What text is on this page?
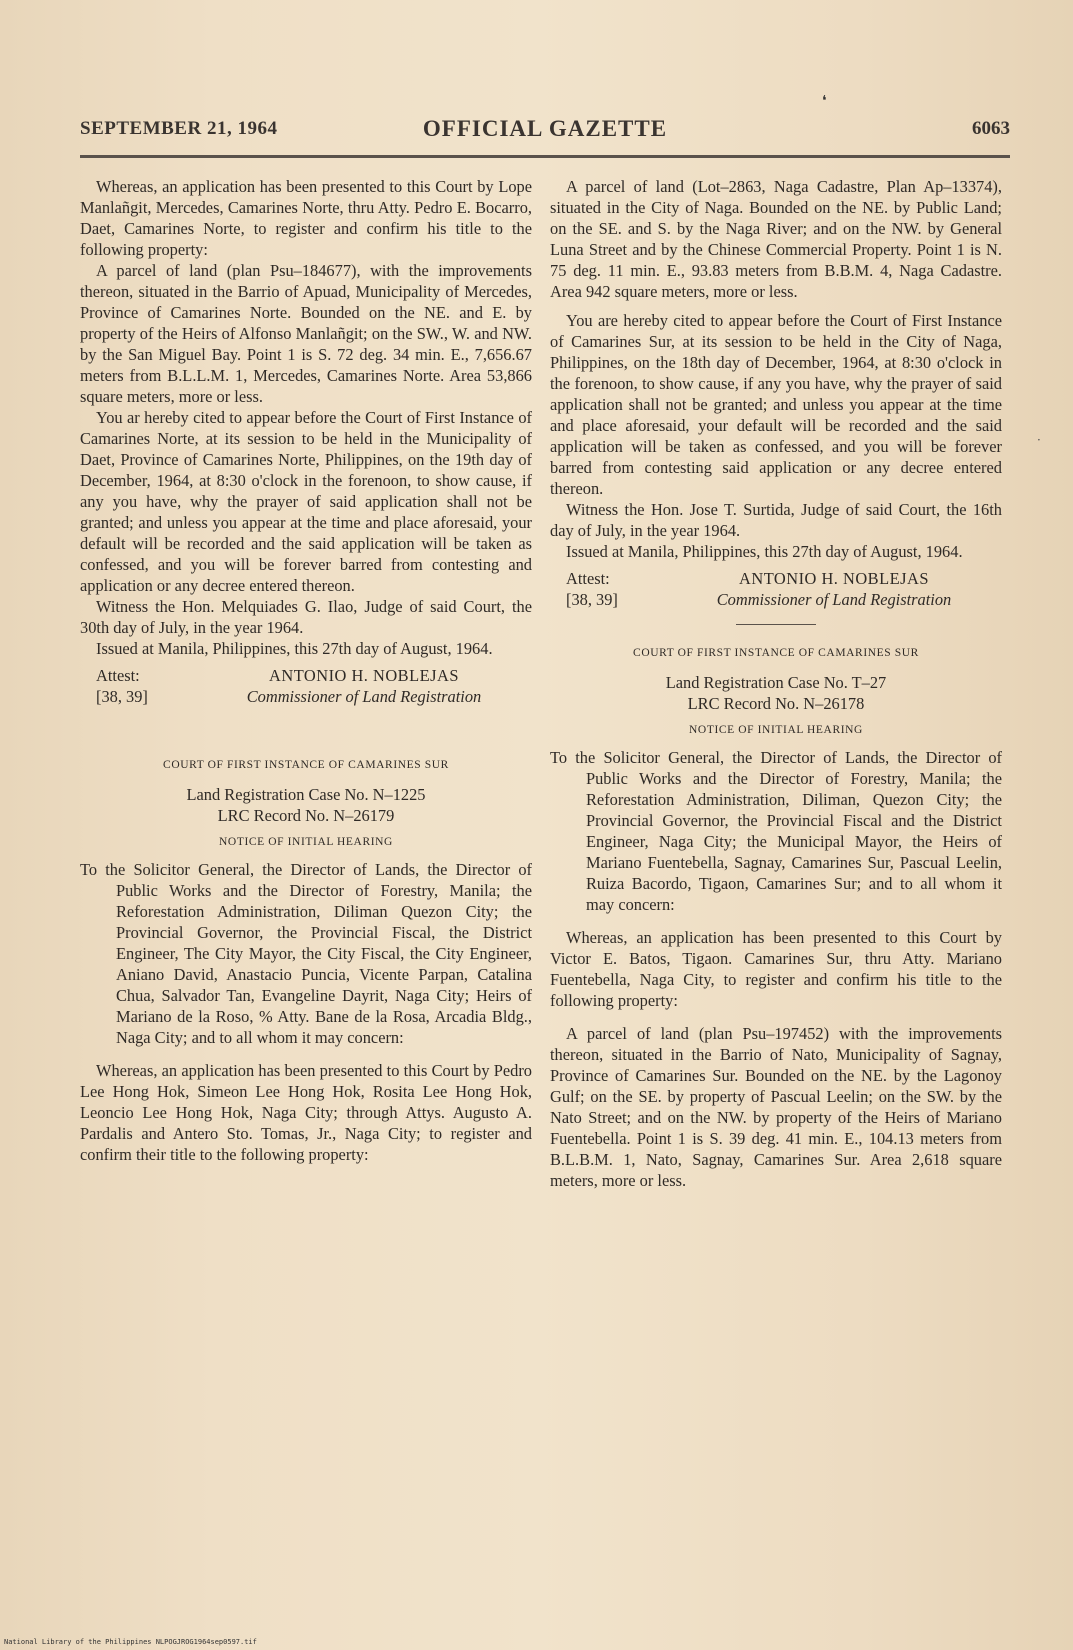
❛
·
OFFICIAL GAZETTE
SEPTEMBER 21, 1964	6063

Whereas, an application has been presented to this Court by Lope Manlañgit, Mercedes, Camarines Norte, thru Atty. Pedro E. Bocarro, Daet, Camarines Norte, to register and confirm his title to the following property:

A parcel of land (plan Psu–184677), with the improvements thereon, situated in the Barrio of Apuad, Municipality of Mercedes, Province of Camarines Norte. Bounded on the NE. and E. by property of the Heirs of Alfonso Manlañgit; on the SW., W. and NW. by the San Miguel Bay. Point 1 is S. 72 deg. 34 min. E., 7,656.67 meters from B.L.L.M. 1, Mercedes, Camarines Norte. Area 53,866 square meters, more or less.

You ar hereby cited to appear before the Court of First Instance of Camarines Norte, at its session to be held in the Municipality of Daet, Province of Camarines Norte, Philippines, on the 19th day of December, 1964, at 8:30 o'clock in the forenoon, to show cause, if any you have, why the prayer of said application shall not be granted; and unless you appear at the time and place aforesaid, your default will be recorded and the said application will be taken as confessed, and you will be forever barred from contesting and application or any decree entered thereon.

Witness the Hon. Melquiades G. Ilao, Judge of said Court, the 30th day of July, in the year 1964.

Issued at Manila, Philippines, this 27th day of August, 1964.

Attest:	ANTONIO H. NOBLEJAS
[38, 39]	Commissioner of Land Registration

COURT OF FIRST INSTANCE OF CAMARINES SUR

Land Registration Case No. N–1225

LRC Record No. N–26179

NOTICE OF INITIAL HEARING

To the Solicitor General, the Director of Lands, the Director of Public Works and the Director of Forestry, Manila; the Reforestation Administration, Diliman Quezon City; the Provincial Governor, the Provincial Fiscal, the District Engineer, The City Mayor, the City Fiscal, the City Engineer, Aniano David, Anastacio Puncia, Vicente Parpan, Catalina Chua, Salvador Tan, Evangeline Dayrit, Naga City; Heirs of Mariano de la Roso, % Atty. Bane de la Rosa, Arcadia Bldg., Naga City; and to all whom it may concern:

Whereas, an application has been presented to this Court by Pedro Lee Hong Hok, Simeon Lee Hong Hok, Rosita Lee Hong Hok, Leoncio Lee Hong Hok, Naga City; through Attys. Augusto A. Pardalis and Antero Sto. Tomas, Jr., Naga City; to register and confirm their title to the following property:

A parcel of land (Lot–2863, Naga Cadastre, Plan Ap–13374), situated in the City of Naga. Bounded on the NE. by Public Land; on the SE. and S. by the Naga River; and on the NW. by General Luna Street and by the Chinese Commercial Property. Point 1 is N. 75 deg. 11 min. E., 93.83 meters from B.B.M. 4, Naga Cadastre. Area 942 square meters, more or less.

You are hereby cited to appear before the Court of First Instance of Camarines Sur, at its session to be held in the City of Naga, Philippines, on the 18th day of December, 1964, at 8:30 o'clock in the forenoon, to show cause, if any you have, why the prayer of said application shall not be granted; and unless you appear at the time and place aforesaid, your default will be recorded and the said application will be taken as confessed, and you will be forever barred from contesting said application or any decree entered thereon.

Witness the Hon. Jose T. Surtida, Judge of said Court, the 16th day of July, in the year 1964.

Issued at Manila, Philippines, this 27th day of August, 1964.

Attest:	ANTONIO H. NOBLEJAS
[38, 39]	Commissioner of Land Registration

COURT OF FIRST INSTANCE OF CAMARINES SUR

Land Registration Case No. T–27

LRC Record No. N–26178

NOTICE OF INITIAL HEARING

To the Solicitor General, the Director of Lands, the Director of Public Works and the Director of Forestry, Manila; the Reforestation Administration, Diliman, Quezon City; the Provincial Governor, the Provincial Fiscal and the District Engineer, Naga City; the Municipal Mayor, the Heirs of Mariano Fuentebella, Sagnay, Camarines Sur, Pascual Leelin, Ruiza Bacordo, Tigaon, Camarines Sur; and to all whom it may concern:

Whereas, an application has been presented to this Court by Victor E. Batos, Tigaon. Camarines Sur, thru Atty. Mariano Fuentebella, Naga City, to register and confirm his title to the following property:

A parcel of land (plan Psu–197452) with the improvements thereon, situated in the Barrio of Nato, Municipality of Sagnay, Province of Camarines Sur. Bounded on the NE. by the Lagonoy Gulf; on the SE. by property of Pascual Leelin; on the SW. by the Nato Street; and on the NW. by property of the Heirs of Mariano Fuentebella. Point 1 is S. 39 deg. 41 min. E., 104.13 meters from B.L.B.M. 1, Nato, Sagnay, Camarines Sur. Area 2,618 square meters, more or less.

National Library of the Philippines NLPOGJROG1964sep0597.tif
